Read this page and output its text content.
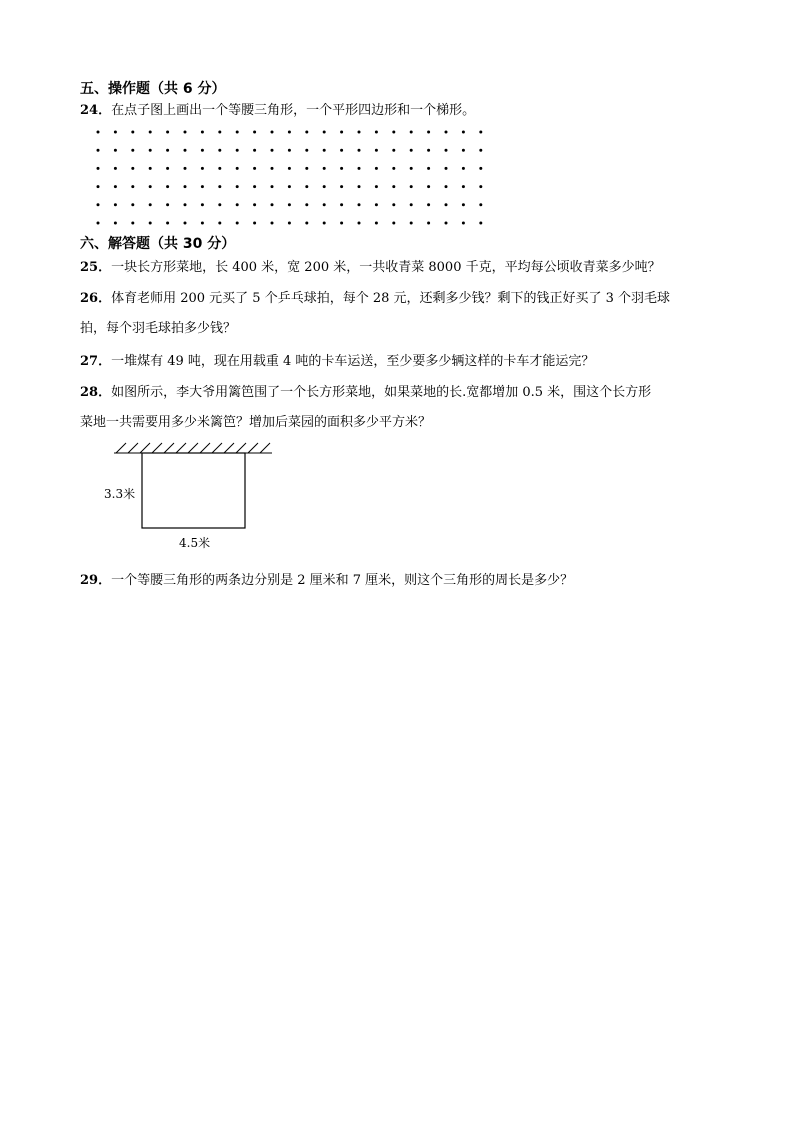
五、操作题（共 6 分）
24．在点子图上画出一个等腰三角形，一个平形四边形和一个梯形。
六、解答题（共 30 分）
25．一块长方形菜地，长 400 米，宽 200 米，一共收青菜 8000 千克，平均每公顷收青菜多少吨？
26．体育老师用 200 元买了 5 个乒乓球拍，每个 28 元，还剩多少钱？剩下的钱正好买了 3 个羽毛球
拍，每个羽毛球拍多少钱？
27．一堆煤有 49 吨，现在用载重 4 吨的卡车运送，至少要多少辆这样的卡车才能运完？
28．如图所示，李大爷用篱笆围了一个长方形菜地，如果菜地的长.宽都增加 0.5 米，围这个长方形
菜地一共需要用多少米篱笆？增加后菜园的面积多少平方米？
3.3米
4.5米
29．一个等腰三角形的两条边分别是 2 厘米和 7 厘米，则这个三角形的周长是多少？
